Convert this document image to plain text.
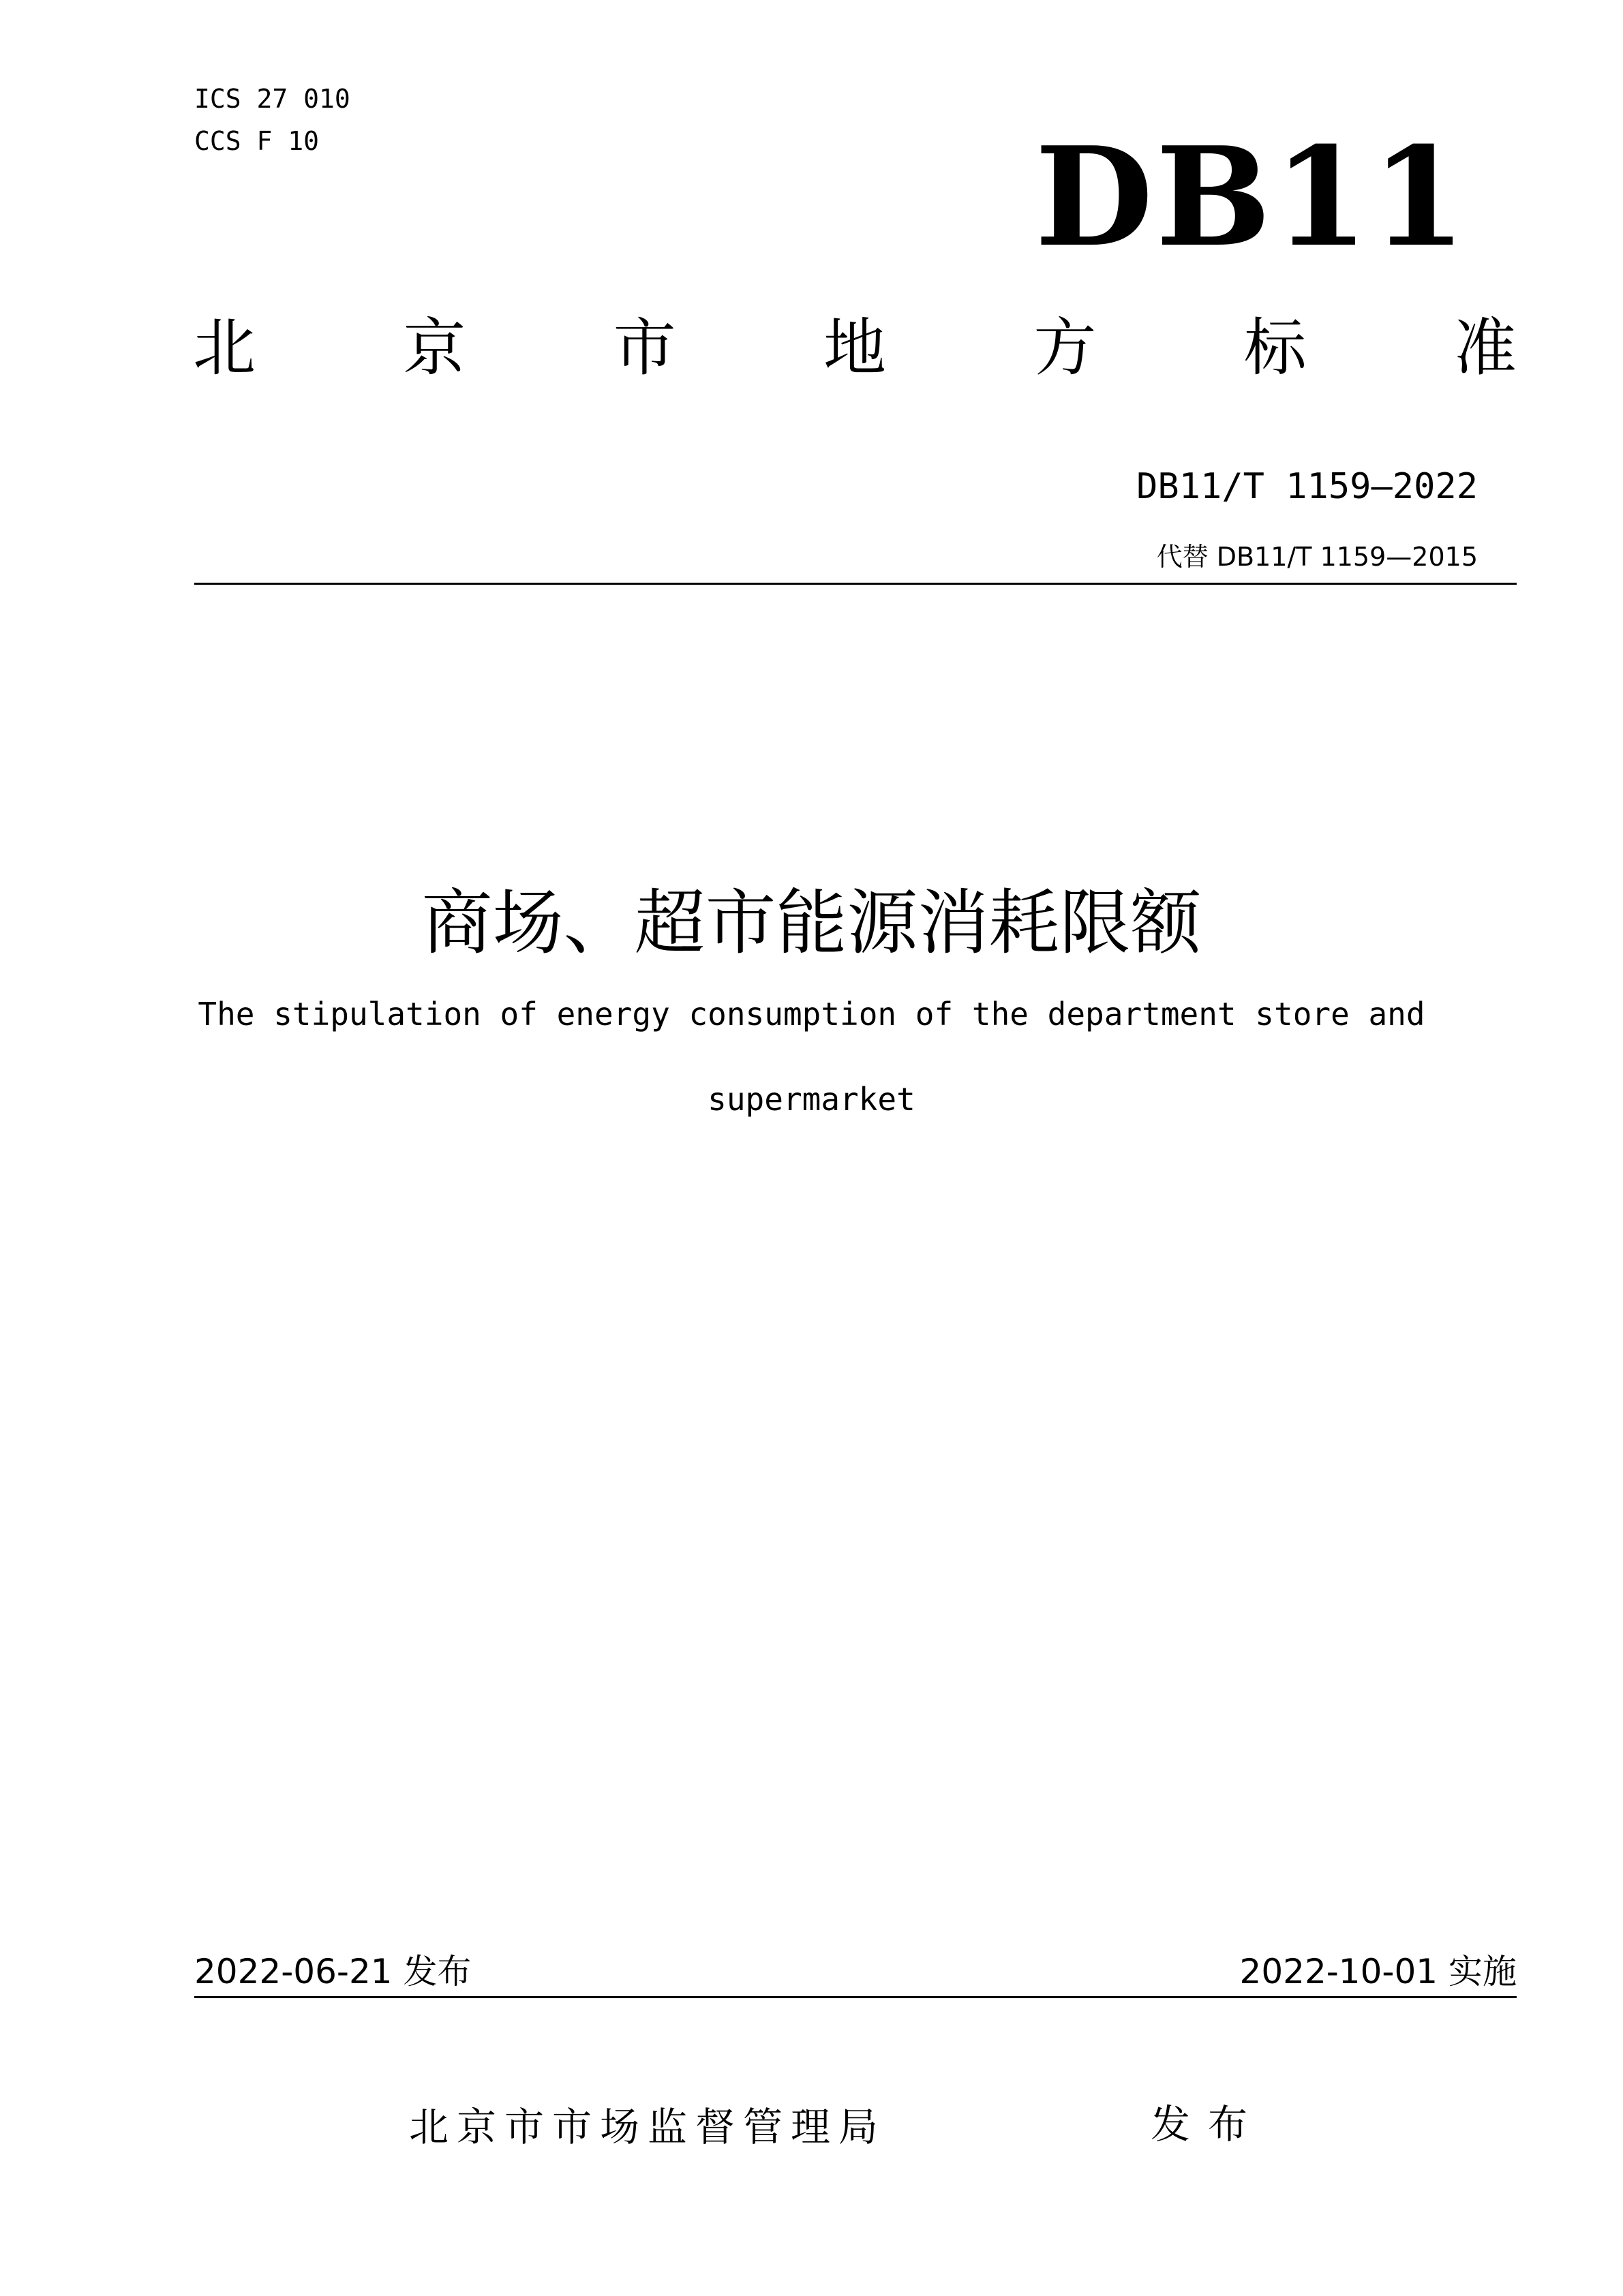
ICS 27 010
CCS F 10	DB11
北 京 市 地 方 标 准
DB11/T 1159—2022
代替 DB11/T 1159—2015
商场、超市能源消耗限额
The stipulation of energy consumption of the department store and
supermarket
2022-06-21 发布	2022-10-01 实施
北京市市场监督管理局	发布
